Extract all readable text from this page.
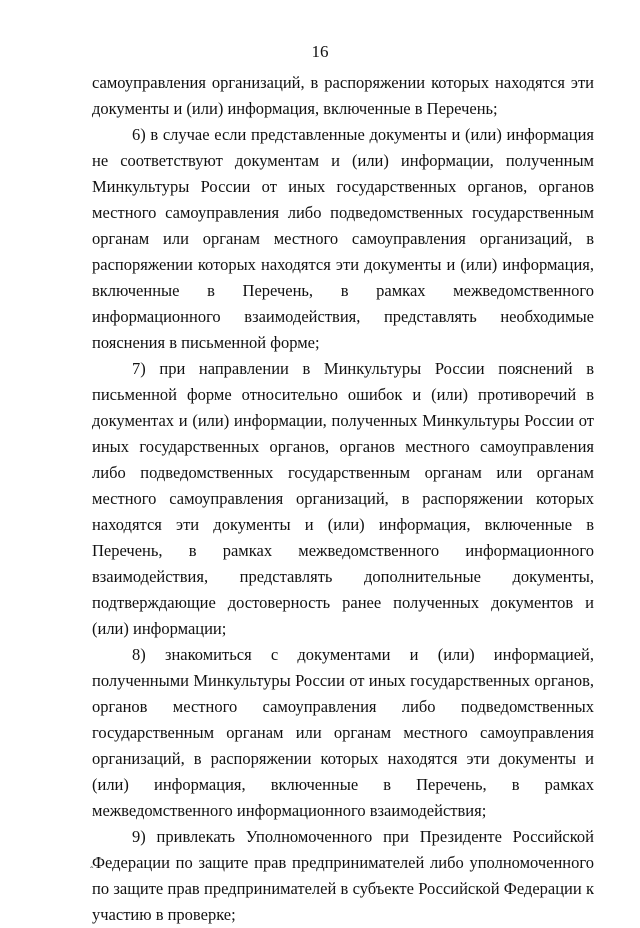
16

самоуправления организаций, в распоряжении которых находятся эти документы и (или) информация, включенные в Перечень;

6) в случае если представленные документы и (или) информация не соответствуют документам и (или) информации, полученным Минкультуры России от иных государственных органов, органов местного самоуправления либо подведомственных государственным органам или органам местного самоуправления организаций, в распоряжении которых находятся эти документы и (или) информация, включенные в Перечень, в рамках межведомственного информационного взаимодействия, представлять необходимые пояснения в письменной форме;

7) при направлении в Минкультуры России пояснений в письменной форме относительно ошибок и (или) противоречий в документах и (или) информации, полученных Минкультуры России от иных государственных органов, органов местного самоуправления либо подведомственных государственным органам или органам местного самоуправления организаций, в распоряжении которых находятся эти документы и (или) информация, включенные в Перечень, в рамках межведомственного информационного взаимодействия, представлять дополнительные документы, подтверждающие достоверность ранее полученных документов и (или) информации;

8) знакомиться с документами и (или) информацией, полученными Минкультуры России от иных государственных органов, органов местного самоуправления либо подведомственных государственным органам или органам местного самоуправления организаций, в распоряжении которых находятся эти документы и (или) информация, включенные в Перечень, в рамках межведомственного информационного взаимодействия;

9) привлекать Уполномоченного при Президенте Российской Федерации по защите прав предпринимателей либо уполномоченного по защите прав предпринимателей в субъекте Российской Федерации к участию в проверке;

ˆ
